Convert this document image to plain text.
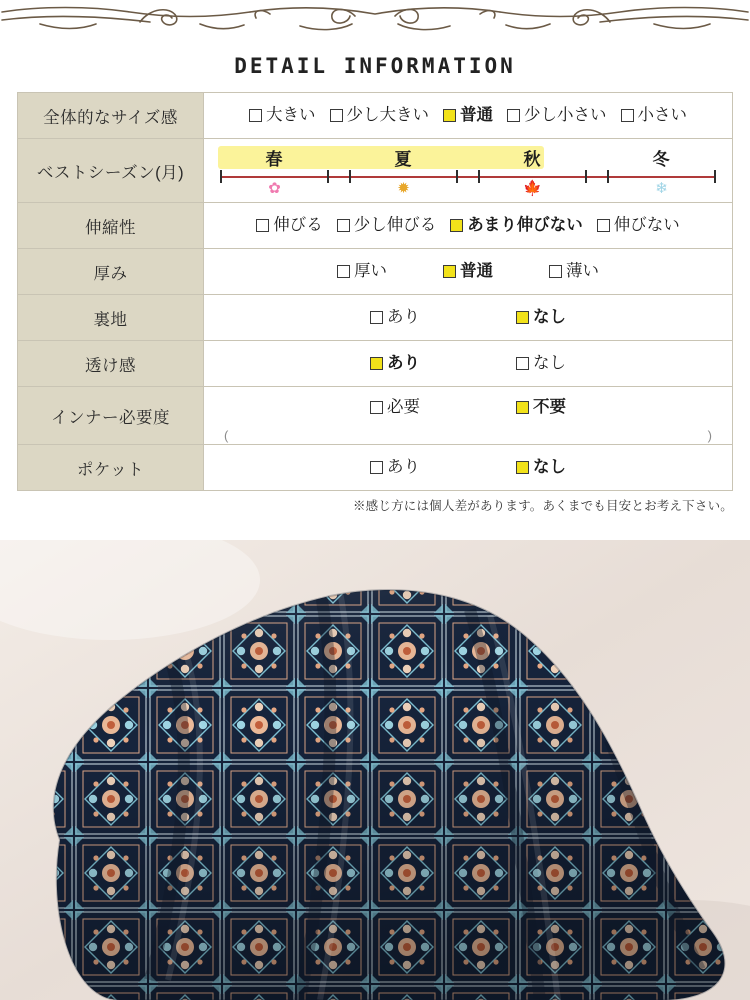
DETAIL INFORMATION
全体的なサイズ感	大きい 少し大きい 普通 少し小さい 小さい

ベストシーズン(月)	
春	夏	秋	冬
✿	✹	🍁	❄

伸縮性	伸びる 少し伸びる あまり伸びない 伸びない

厚み	厚い 普通 薄い

裏地	あり なし

透け感	あり なし

インナー必要度	必要 不要
( )

ポケット	あり なし
※感じ方には個人差があります。あくまでも目安とお考え下さい。
